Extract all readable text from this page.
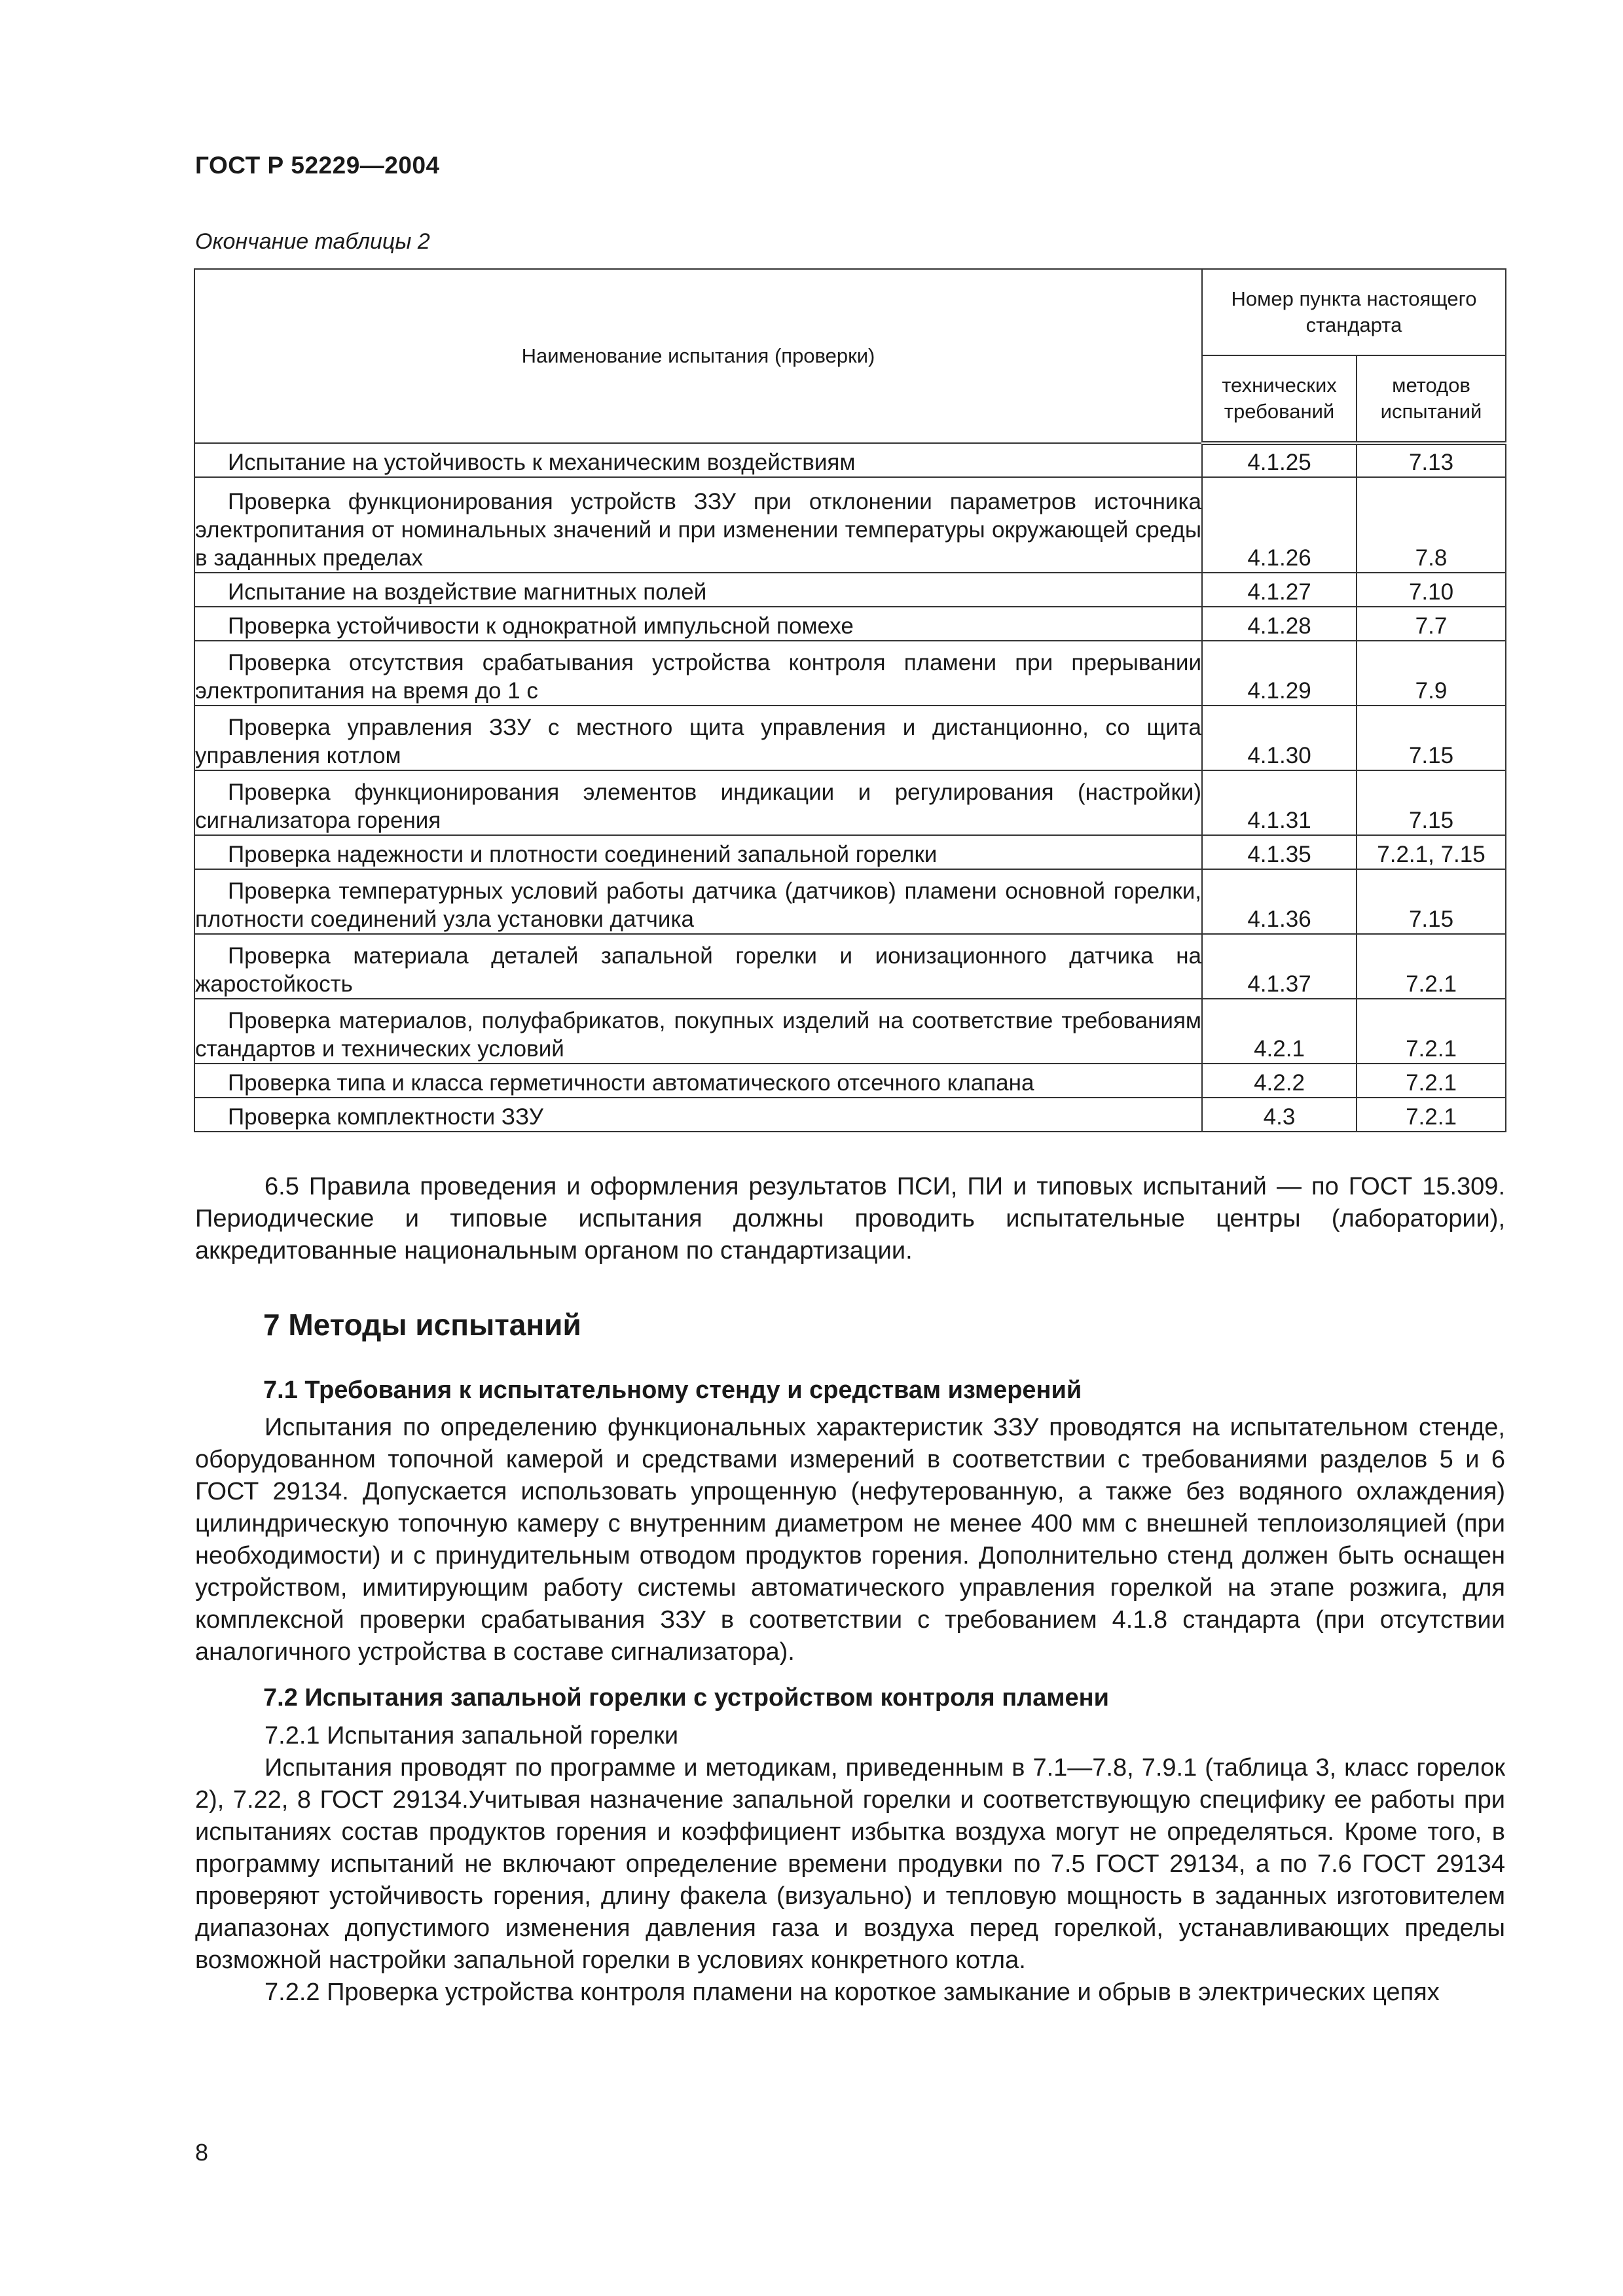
ГОСТ Р 52229—2004
Окончание таблицы 2
Наименование испытания (проверки)	Номер пункта настоящего стандарта	
	технических требований	методов испытаний
Испытание на устойчивость к механическим воздействиям	4.1.25	7.13
Проверка функционирования устройств ЗЗУ при отклонении параметров источника электропитания от номинальных значений и при изменении температуры окружающей среды в заданных пределах	4.1.26	7.8
Испытание на воздействие магнитных полей	4.1.27	7.10
Проверка устойчивости к однократной импульсной помехе	4.1.28	7.7
Проверка отсутствия срабатывания устройства контроля пламени при прерывании электропитания на время до 1 с	4.1.29	7.9
Проверка управления ЗЗУ с местного щита управления и дистанционно, со щита управления котлом	4.1.30	7.15
Проверка функционирования элементов индикации и регулирования (настройки) сигнализатора горения	4.1.31	7.15
Проверка надежности и плотности соединений запальной горелки	4.1.35	7.2.1, 7.15
Проверка температурных условий работы датчика (датчиков) пламени основной горелки, плотности соединений узла установки датчика	4.1.36	7.15
Проверка материала деталей запальной горелки и ионизационного датчика на жаростойкость	4.1.37	7.2.1
Проверка материалов, полуфабрикатов, покупных изделий на соответствие требованиям стандартов и технических условий	4.2.1	7.2.1
Проверка типа и класса герметичности автоматического отсечного клапана	4.2.2	7.2.1
Проверка комплектности ЗЗУ	4.3	7.2.1

6.5 Правила проведения и оформления результатов ПСИ, ПИ и типовых испытаний — по ГОСТ 15.309. Периодические и типовые испытания должны проводить испытательные центры (лаборатории), аккредитованные национальным органом по стандартизации.

7 Методы испытаний
7.1 Требования к испытательному стенду и средствам измерений

Испытания по определению функциональных характеристик ЗЗУ проводятся на испытательном стенде, оборудованном топочной камерой и средствами измерений в соответствии с требованиями разделов 5 и 6 ГОСТ 29134. Допускается использовать упрощенную (нефутерованную, а также без водяного охлаждения) цилиндрическую топочную камеру с внутренним диаметром не менее 400 мм с внешней теплоизоляцией (при необходимости) и с принудительным отводом продуктов горения. Дополнительно стенд должен быть оснащен устройством, имитирующим работу системы автоматического управления горелкой на этапе розжига, для комплексной проверки срабатывания ЗЗУ в соответствии с требованием 4.1.8 стандарта (при отсутствии аналогичного устройства в составе сигнализатора).

7.2 Испытания запальной горелки с устройством контроля пламени

7.2.1 Испытания запальной горелки

Испытания проводят по программе и методикам, приведенным в 7.1—7.8, 7.9.1 (таблица 3, класс горелок 2), 7.22, 8 ГОСТ 29134.Учитывая назначение запальной горелки и соответствующую специфику ее работы при испытаниях состав продуктов горения и коэффициент избытка воздуха могут не определяться. Кроме того, в программу испытаний не включают определение времени продувки по 7.5 ГОСТ 29134, а по 7.6 ГОСТ 29134 проверяют устойчивость горения, длину факела (визуально) и тепловую мощность в заданных изготовителем диапазонах допустимого изменения давления газа и воздуха перед горелкой, устанавливающих пределы возможной настройки запальной горелки в условиях конкретного котла.

7.2.2 Проверка устройства контроля пламени на короткое замыкание и обрыв в электрических цепях

8
